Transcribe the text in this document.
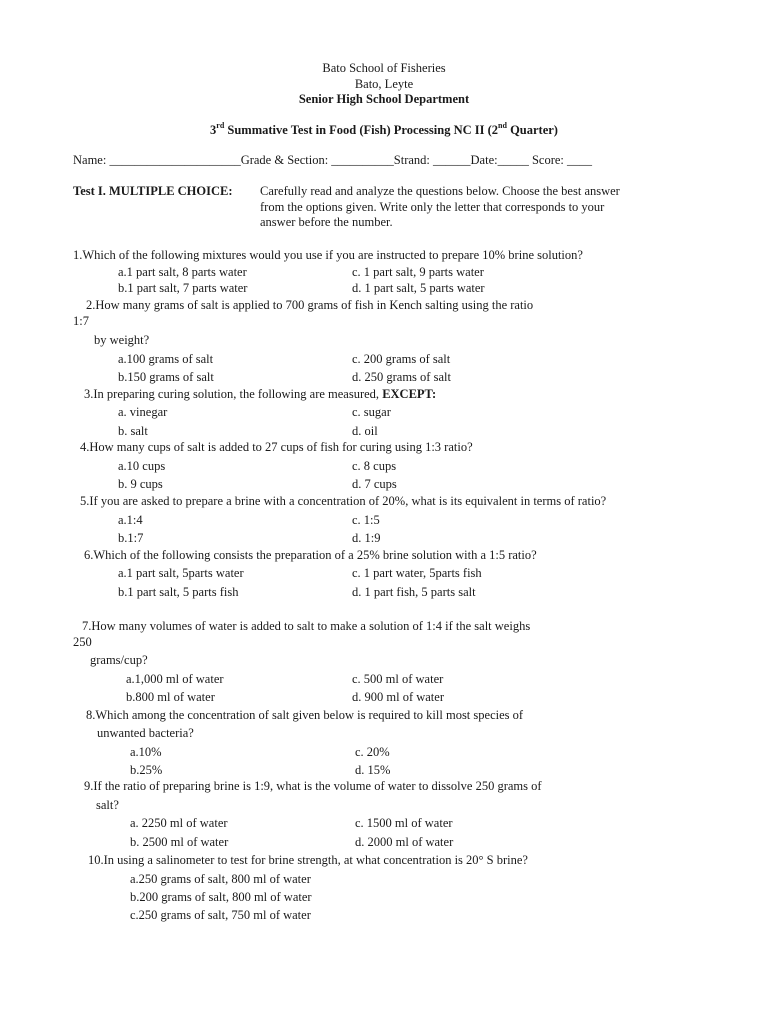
Bato School of Fisheries
Bato, Leyte
Senior High School Department
3rd Summative Test in Food (Fish) Processing NC II (2nd Quarter)
Name: _____________________Grade & Section: __________Strand: ______Date:_____ Score: ____
Test I. MULTIPLE CHOICE: Carefully read and analyze the questions below. Choose the best answer
from the options given. Write only the letter that corresponds to your
answer before the number.
1.Which of the following mixtures would you use if you are instructed to prepare 10% brine solution?
a.1 part salt, 8 parts water	c. 1 part salt, 9 parts water
b.1 part salt, 7 parts water	d. 1 part salt, 5 parts water
2.How many grams of salt is applied to 700 grams of fish in Kench salting using the ratio
1:7
by weight?
a.100 grams of salt	c. 200 grams of salt
b.150 grams of salt	d. 250 grams of salt
3.In preparing curing solution, the following are measured, EXCEPT:
a. vinegar	c. sugar
b. salt	d. oil
4.How many cups of salt is added to 27 cups of fish for curing using 1:3 ratio?
a.10 cups	c. 8 cups
b. 9 cups	d. 7 cups
5.If you are asked to prepare a brine with a concentration of 20%, what is its equivalent in terms of ratio?
a.1:4	c. 1:5
b.1:7	d. 1:9
6.Which of the following consists the preparation of a 25% brine solution with a 1:5 ratio?
a.1 part salt, 5parts water	c. 1 part water, 5parts fish
b.1 part salt, 5 parts fish	d. 1 part fish, 5 parts salt
7.How many volumes of water is added to salt to make a solution of 1:4 if the salt weighs
250
grams/cup?
a.1,000 ml of water	c. 500 ml of water
b.800 ml of water	d. 900 ml of water
8.Which among the concentration of salt given below is required to kill most species of
unwanted bacteria?
a.10%	c. 20%
b.25%	d. 15%
9.If the ratio of preparing brine is 1:9, what is the volume of water to dissolve 250 grams of
salt?
a. 2250 ml of water	c. 1500 ml of water
b. 2500 ml of water	d. 2000 ml of water
10.In using a salinometer to test for brine strength, at what concentration is 20° S brine?
a.250 grams of salt, 800 ml of water
b.200 grams of salt, 800 ml of water
c.250 grams of salt, 750 ml of water
